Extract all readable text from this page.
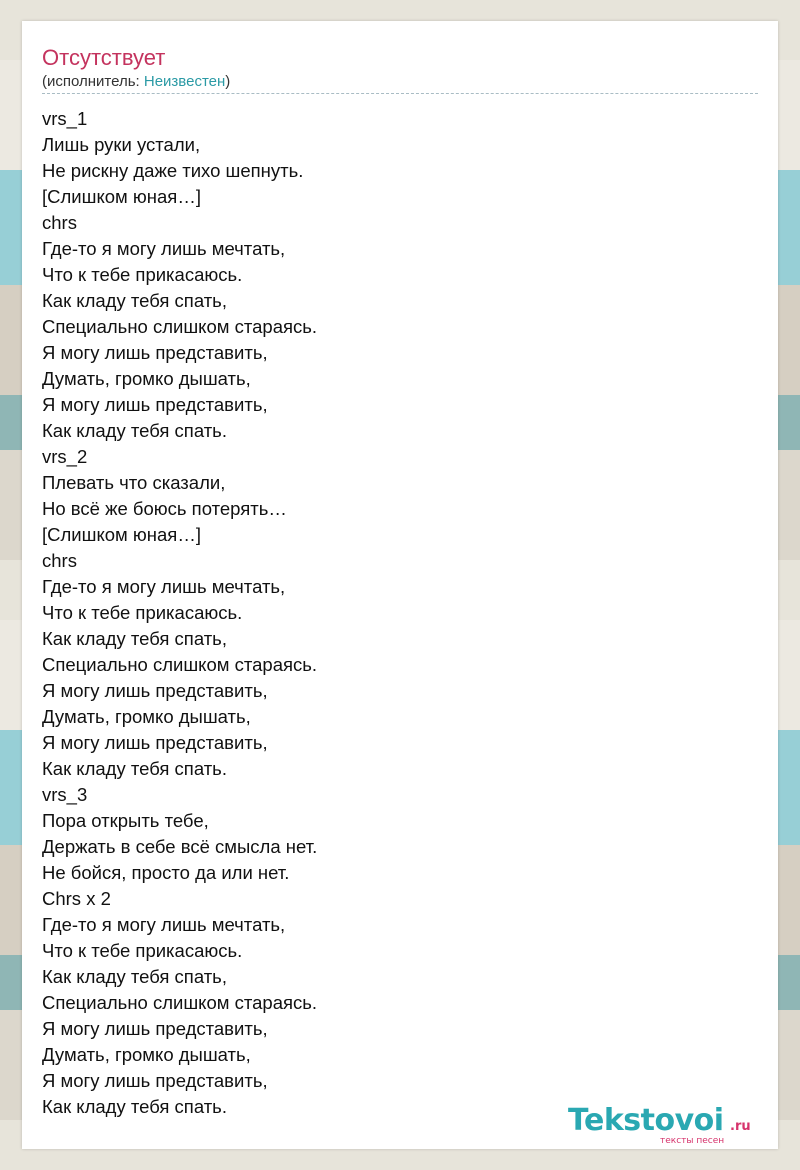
Отсутствует
(исполнитель: Неизвестен)
vrs_1
Лишь руки устали,
Не рискну даже тихо шепнуть.
[Слишком юная…]
chrs
Где-то я могу лишь мечтать,
Что к тебе прикасаюсь.
Как кладу тебя спать,
Специально слишком стараясь.
Я могу лишь представить,
Думать, громко дышать,
Я могу лишь представить,
Как кладу тебя спать.
vrs_2
Плевать что сказали,
Но всё же боюсь потерять…
[Слишком юная…]
chrs
Где-то я могу лишь мечтать,
Что к тебе прикасаюсь.
Как кладу тебя спать,
Специально слишком стараясь.
Я могу лишь представить,
Думать, громко дышать,
Я могу лишь представить,
Как кладу тебя спать.
vrs_3
Пора открыть тебе,
Держать в себе всё смысла нет.
Не бойся, просто да или нет.
Chrs x 2
Где-то я могу лишь мечтать,
Что к тебе прикасаюсь.
Как кладу тебя спать,
Специально слишком стараясь.
Я могу лишь представить,
Думать, громко дышать,
Я могу лишь представить,
Как кладу тебя спать.	Tekstovoi .ru
тексты песен
